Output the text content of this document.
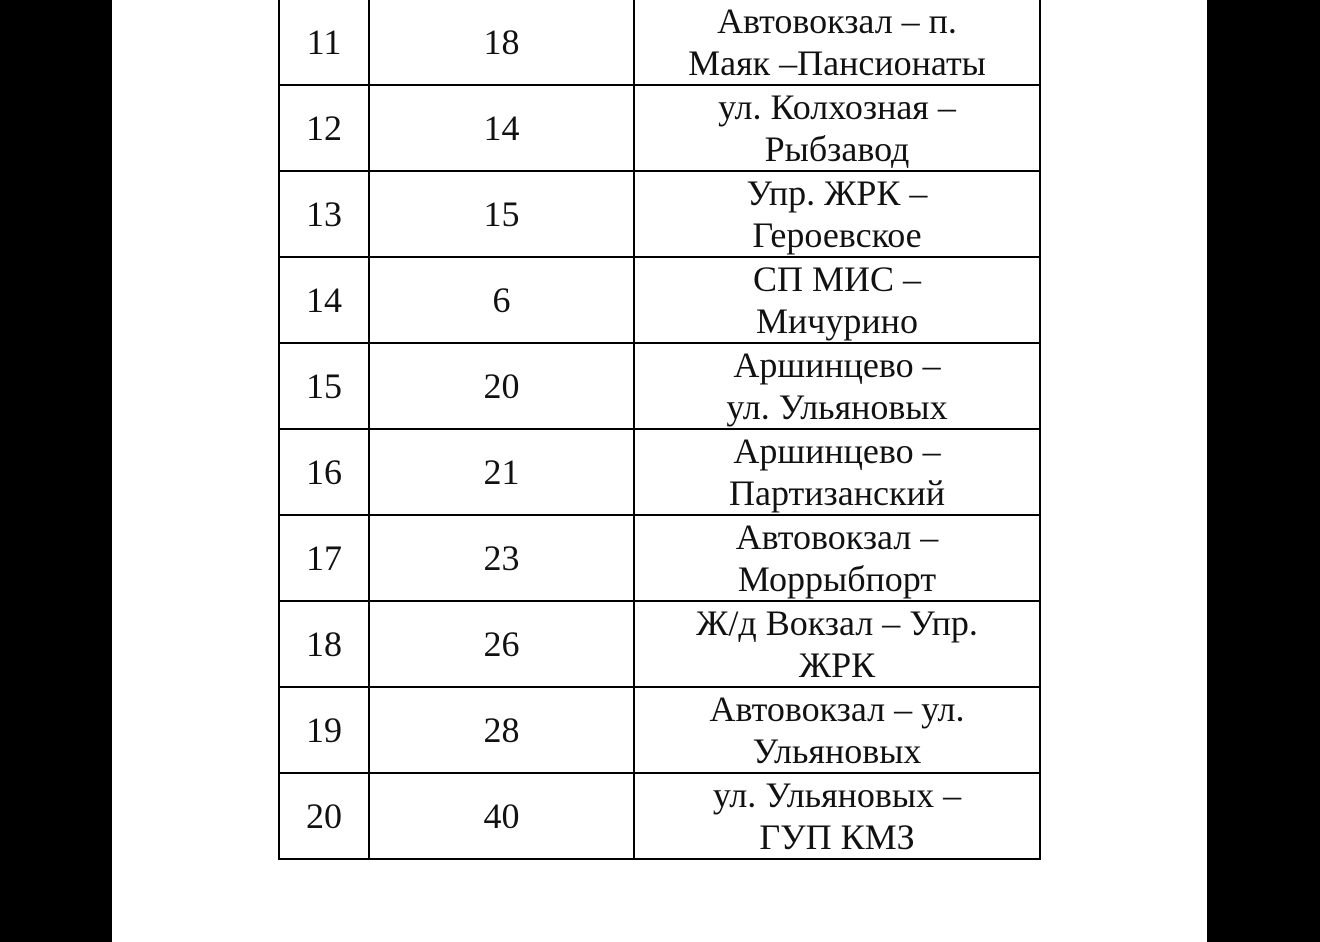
11	18	Автовокзал – п.
Маяк –Пансионаты

12	14	ул. Колхозная –
Рыбзавод

13	15	Упр. ЖРК –
Героевское

14	6	СП МИС –
Мичурино

15	20	Аршинцево –
ул. Ульяновых

16	21	Аршинцево –
Партизанский

17	23	Автовокзал –
Моррыбпорт

18	26	Ж/д Вокзал – Упр.
ЖРК

19	28	Автовокзал – ул.
Ульяновых

20	40	ул. Ульяновых –
ГУП КМЗ
